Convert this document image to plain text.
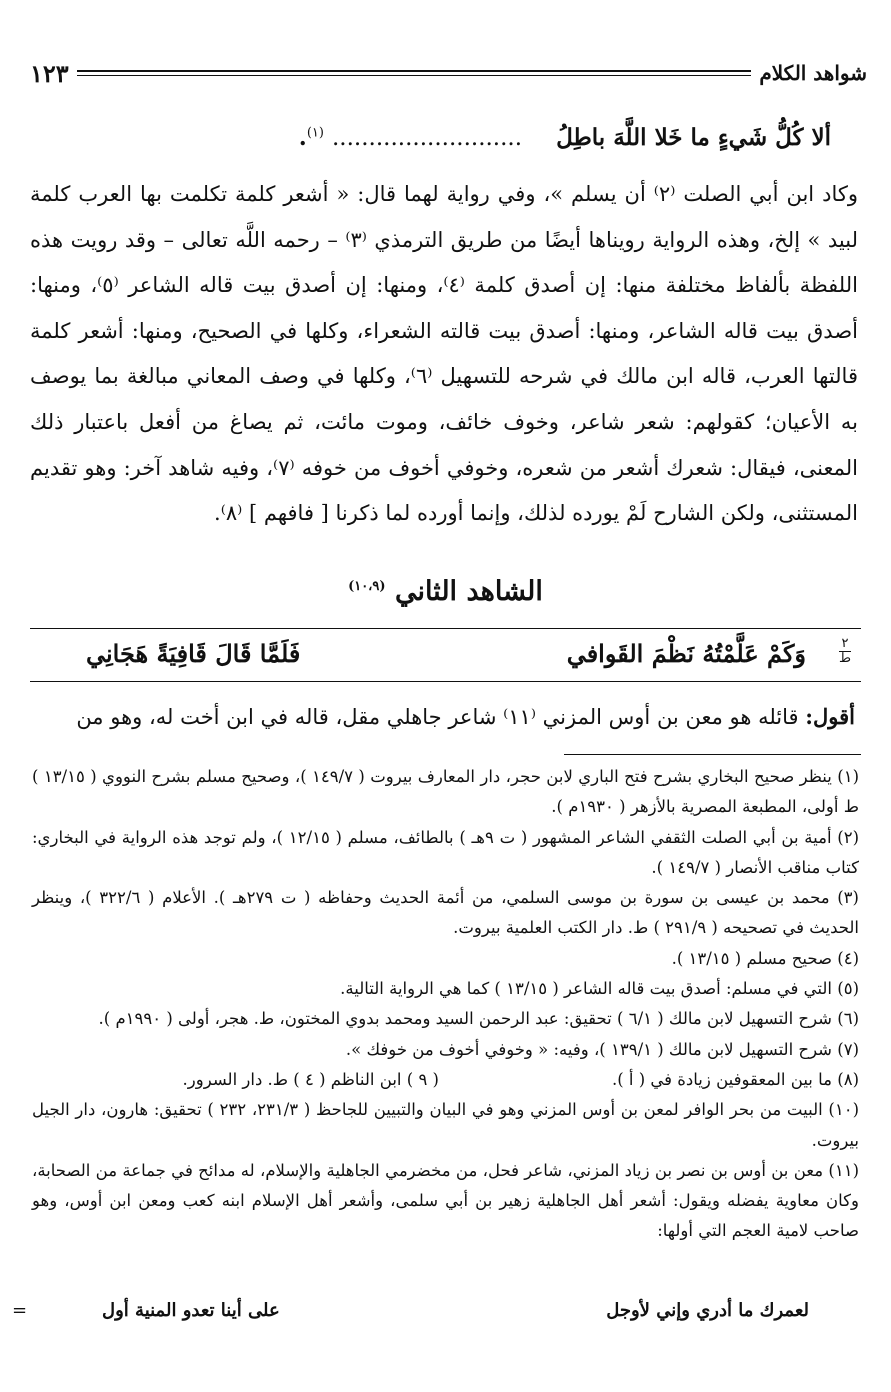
شواهد الكلام
١٢٣
ألا كُلُّ شَيءٍ ما خَلا اللَّهَ باطِلُ .......................... $^{(١)}$.

وكاد ابن أبي الصلت ⁽٢⁾ أن يسلم »، وفي رواية لهما قال: « أشعر كلمة تكلمت بها العرب كلمة لبيد » إلخ، وهذه الرواية رويناها أيضًا من طريق الترمذي ⁽٣⁾ – رحمه اللَّه تعالى – وقد رويت هذه اللفظة بألفاظ مختلفة منها: إن أصدق كلمة ⁽٤⁾، ومنها: إن أصدق بيت قاله الشاعر ⁽٥⁾، ومنها: أصدق بيت قاله الشاعر، ومنها: أصدق بيت قالته الشعراء، وكلها في الصحيح، ومنها: أشعر كلمة قالتها العرب، قاله ابن مالك في شرحه للتسهيل ⁽٦⁾، وكلها في وصف المعاني مبالغة بما يوصف به الأعيان؛ كقولهم: شعر شاعر، وخوف خائف، وموت مائت، ثم يصاغ من أفعل باعتبار ذلك المعنى، فيقال: شعرك أشعر من شعره، وخوفي أخوف من خوفه ⁽٧⁾، وفيه شاهد آخر: وهو تقديم المستثنى، ولكن الشارح لَمْ يورده لذلك، وإنما أورده لما ذكرنا [ فافهم ] ⁽٨⁾.

الشاهد الثاني $^{(١٠،٩)}$
٢
ط
وَكَمْ عَلَّمْتُهُ نَظْمَ القَوافي
فَلَمَّا قَالَ قَافِيَةً هَجَانِي
أقول: قائله هو معن بن أوس المزني ⁽١١⁾ شاعر جاهلي مقل، قاله في ابن أخت له، وهو من

(١) ينظر صحيح البخاري بشرح فتح الباري لابن حجر، دار المعارف بيروت ( ١٤٩/٧ )، وصحيح مسلم بشرح النووي ( ١٣/١٥ ) ط أولى، المطبعة المصرية بالأزهر ( ١٩٣٠م ).

(٢) أمية بن أبي الصلت الثقفي الشاعر المشهور ( ت ٩هـ ) بالطائف، مسلم ( ١٢/١٥ )، ولم توجد هذه الرواية في البخاري: كتاب مناقب الأنصار ( ١٤٩/٧ ).

(٣) محمد بن عيسى بن سورة بن موسى السلمي، من أئمة الحديث وحفاظه ( ت ٢٧٩هـ ). الأعلام ( ٣٢٢/٦ )، وينظر الحديث في تصحيحه ( ٢٩١/٩ ) ط. دار الكتب العلمية بيروت.

(٤) صحيح مسلم ( ١٣/١٥ ).

(٥) التي في مسلم: أصدق بيت قاله الشاعر ( ١٣/١٥ ) كما هي الرواية التالية.

(٦) شرح التسهيل لابن مالك ( ٦/١ ) تحقيق: عبد الرحمن السيد ومحمد بدوي المختون، ط. هجر، أولى ( ١٩٩٠م ).

(٧) شرح التسهيل لابن مالك ( ١٣٩/١ )، وفيه: « وخوفي أخوف من خوفك ».

(٨) ما بين المعقوفين زيادة في ( أ ).
( ٩ ) ابن الناظم ( ٤ ) ط. دار السرور.

(١٠) البيت من بحر الوافر لمعن بن أوس المزني وهو في البيان والتبيين للجاحظ ( ٢٣١/٣، ٢٣٢ ) تحقيق: هارون، دار الجيل بيروت.

(١١) معن بن أوس بن نصر بن زياد المزني، شاعر فحل، من مخضرمي الجاهلية والإسلام، له مدائح في جماعة من الصحابة، وكان معاوية يفضله ويقول: أشعر أهل الجاهلية زهير بن أبي سلمى، وأشعر أهل الإسلام ابنه كعب ومعن ابن أوس، وهو صاحب لامية العجم التي أولها:

لعمرك ما أدري وإني لأوجل
على أينا تعدو المنية أول
=
